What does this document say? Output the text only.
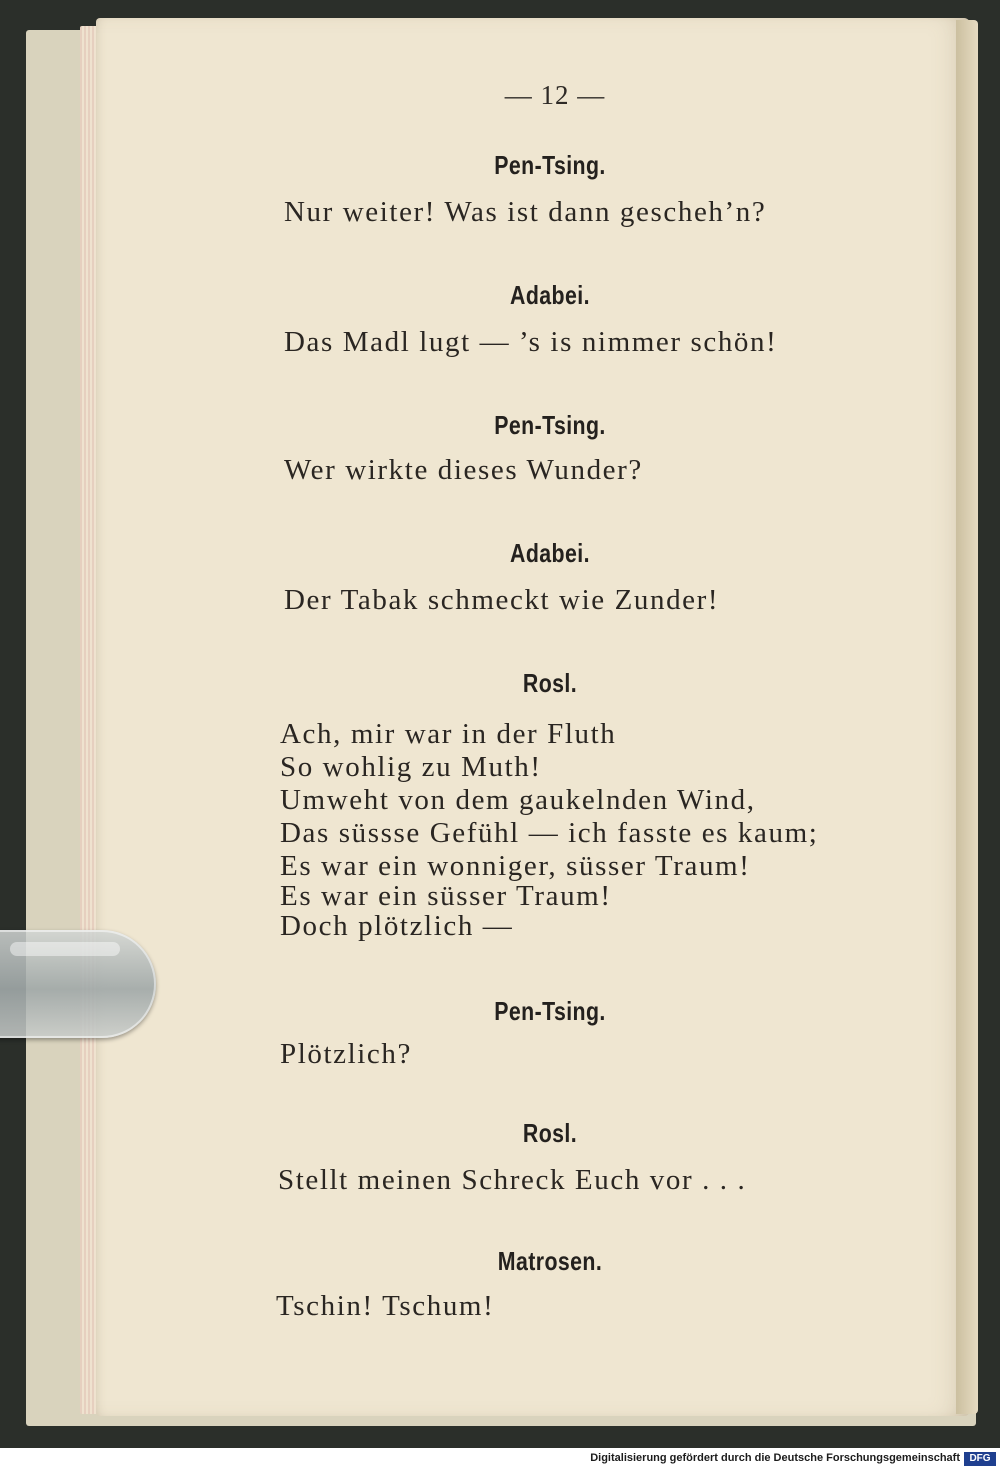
— 12 —
Pen-Tsing.
Nur weiter! Was ist dann gescheh’n?
Adabei.
Das Madl lugt — ’s is nimmer schön!
Pen-Tsing.
Wer wirkte dieses Wunder?
Adabei.
Der Tabak schmeckt wie Zunder!
Rosl.
Ach, mir war in der Fluth
So wohlig zu Muth!
Umweht von dem gaukelnden Wind,
Das süssse Gefühl — ich fasste es kaum;
Es war ein wonniger, süsser Traum!
Es war ein süsser Traum!
Doch plötzlich —
Pen-Tsing.
Plötzlich?
Rosl.
Stellt meinen Schreck Euch vor . . .
Matrosen.
Tschin! Tschum!
Digitalisierung gefördert durch die Deutsche Forschungsgemeinschaft DFG
